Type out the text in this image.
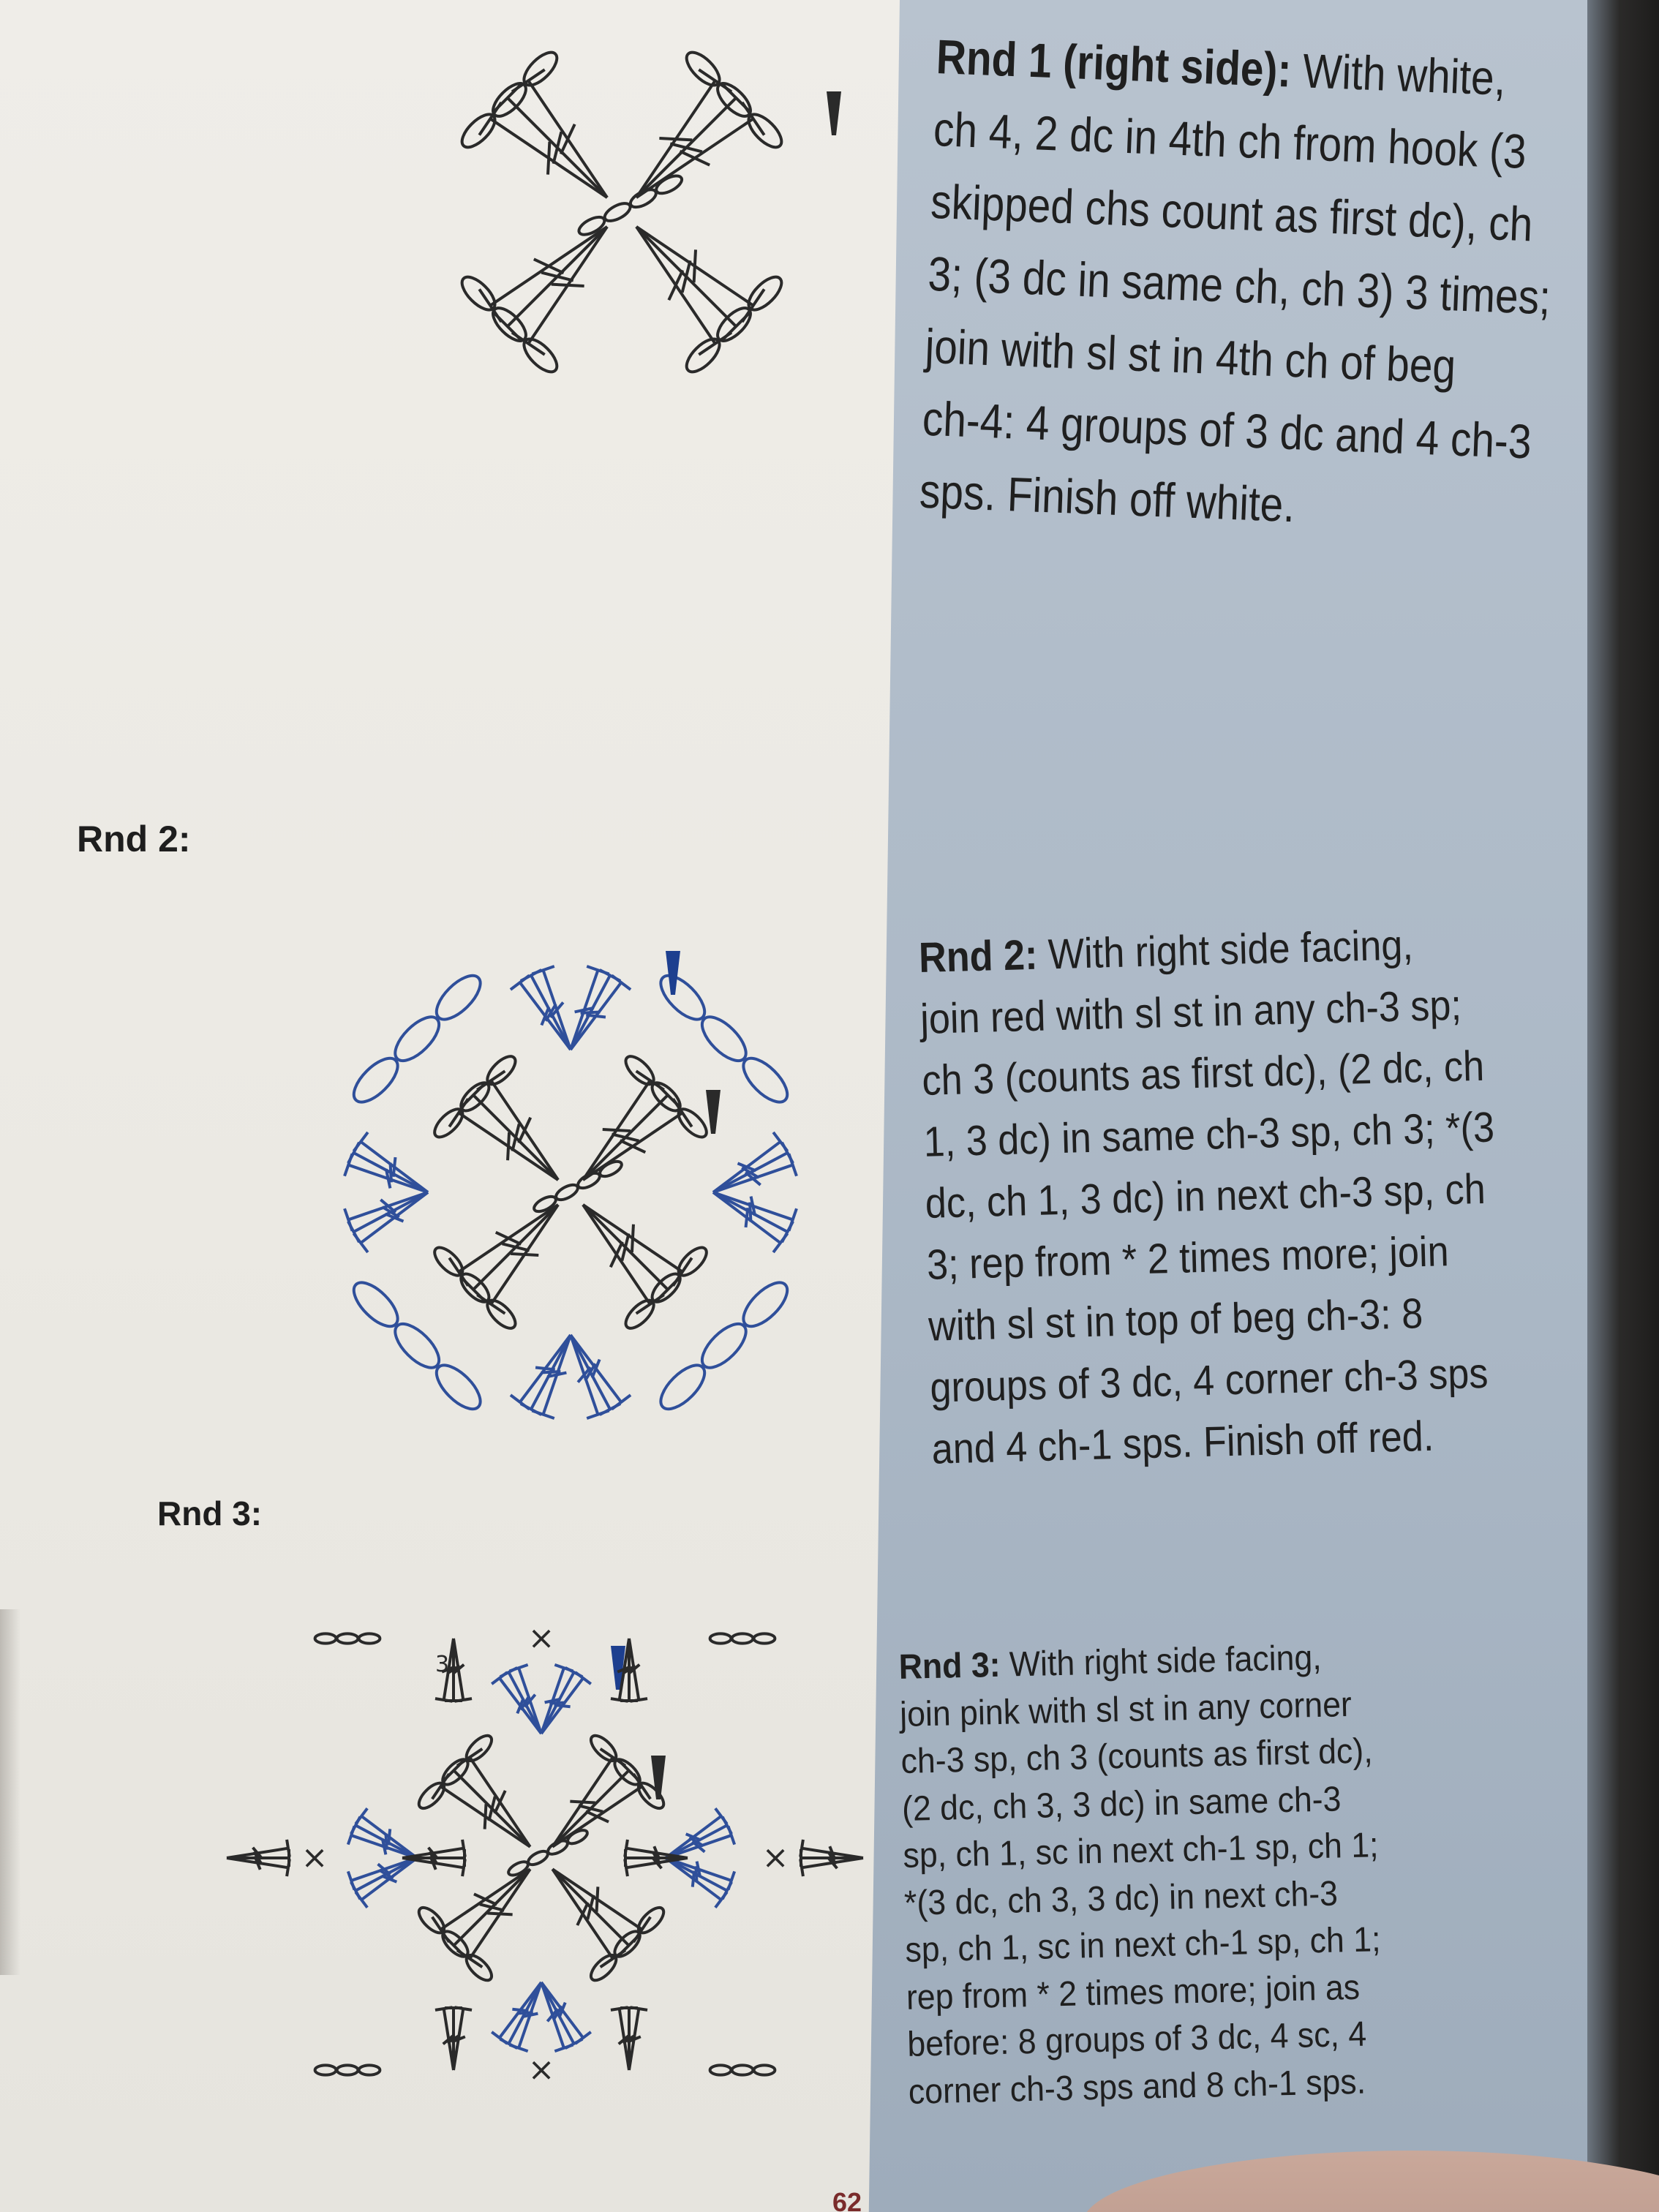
×
×
×	×
3

Rnd 2:

Rnd 3:

Rnd 1 (right side): With white,
ch 4, 2 dc in 4th ch from hook (3
skipped chs count as first dc), ch
3; (3 dc in same ch, ch 3) 3 times;
join with sl st in 4th ch of beg
ch-4: 4 groups of 3 dc and 4 ch-3
sps. Finish off white.
Rnd 2: With right side facing,
join red with sl st in any ch-3 sp;
ch 3 (counts as first dc), (2 dc, ch
1, 3 dc) in same ch-3 sp, ch 3; *(3
dc, ch 1, 3 dc) in next ch-3 sp, ch
3; rep from * 2 times more; join
with sl st in top of beg ch-3: 8
groups of 3 dc, 4 corner ch-3 sps
and 4 ch-1 sps. Finish off red.
Rnd 3: With right side facing,
join pink with sl st in any corner
ch-3 sp, ch 3 (counts as first dc),
(2 dc, ch 3, 3 dc) in same ch-3
sp, ch 1, sc in next ch-1 sp, ch 1;
*(3 dc, ch 3, 3 dc) in next ch-3
sp, ch 1, sc in next ch-1 sp, ch 1;
rep from * 2 times more; join as
before: 8 groups of 3 dc, 4 sc, 4
corner ch-3 sps and 8 ch-1 sps.
62
